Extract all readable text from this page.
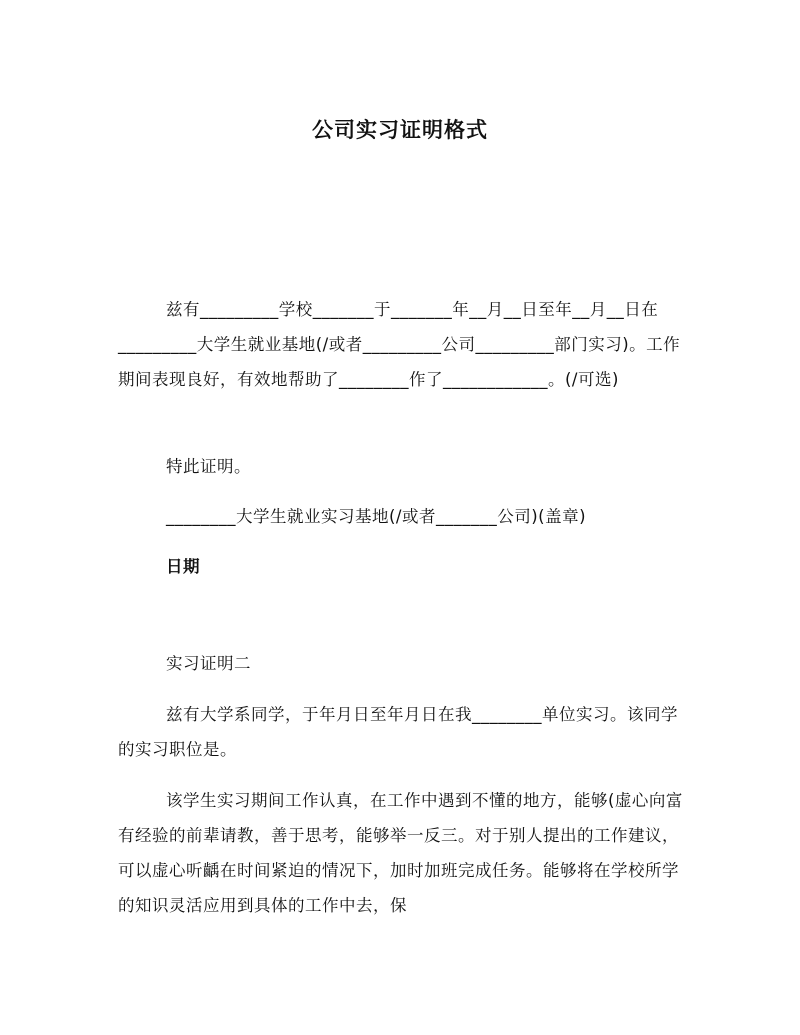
公司实习证明格式

兹有_________学校_______于_______年__月__日至年__月__日在_________大学生就业基地(/或者_________公司_________部门实习)。工作期间表现良好，有效地帮助了________作了____________。(/可选)

特此证明。
________大学生就业实习基地(/或者_______公司)(盖章)
日期
实习证明二

兹有大学系同学，于年月日至年月日在我________单位实习。该同学的实习职位是。

该学生实习期间工作认真，在工作中遇到不懂的地方，能够(虚心向富有经验的前辈请教，善于思考，能够举一反三。对于别人提出的工作建议，可以虚心听齲在时间紧迫的情况下，加时加班完成任务。能够将在学校所学的知识灵活应用到具体的工作中去，保
